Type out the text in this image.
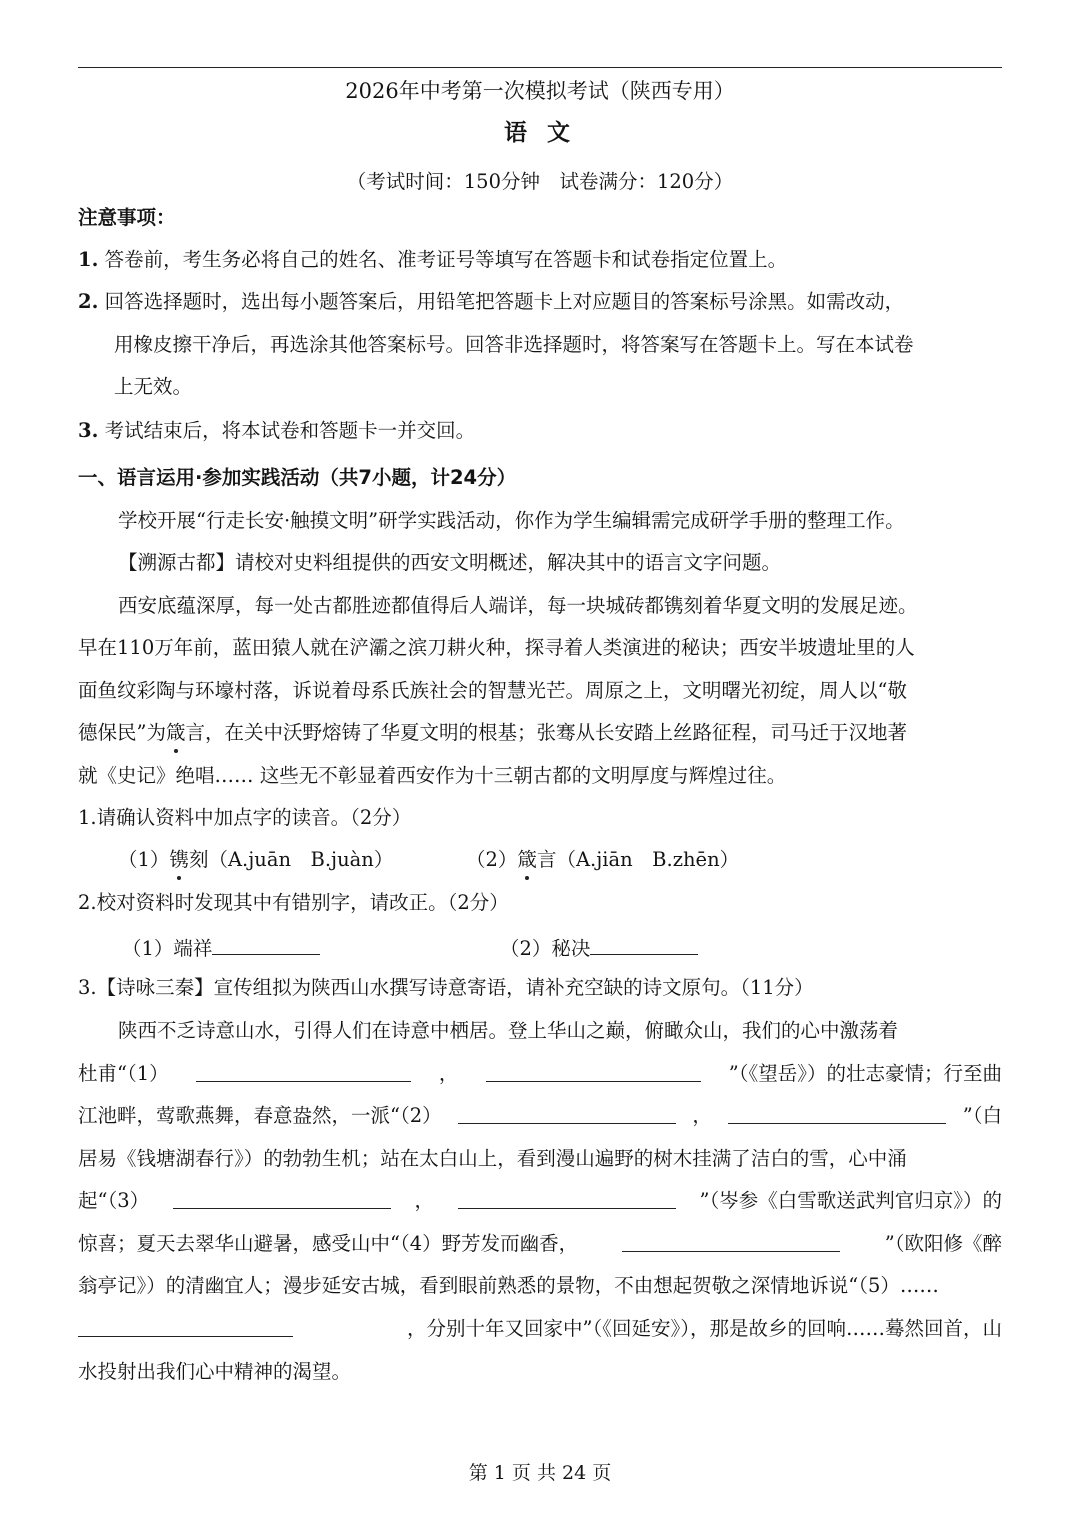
2026年中考第一次模拟考试（陕西专用）
语 文
（考试时间：150分钟　试卷满分：120分）
注意事项：
1. 答卷前，考生务必将自己的姓名、准考证号等填写在答题卡和试卷指定位置上。
2. 回答选择题时，选出每小题答案后，用铅笔把答题卡上对应题目的答案标号涂黑。如需改动，
用橡皮擦干净后，再选涂其他答案标号。回答非选择题时，将答案写在答题卡上。写在本试卷
上无效。
3. 考试结束后，将本试卷和答题卡一并交回。
一、语言运用·参加实践活动（共7小题，计24分）
学校开展“行走长安·触摸文明”研学实践活动，你作为学生编辑需完成研学手册的整理工作。
【溯源古都】请校对史料组提供的西安文明概述，解决其中的语言文字问题。
西安底蕴深厚，每一处古都胜迹都值得后人端详，每一块城砖都镌刻着华夏文明的发展足迹。
早在110万年前，蓝田猿人就在浐灞之滨刀耕火种，探寻着人类演进的秘诀；西安半坡遗址里的人
面鱼纹彩陶与环壕村落，诉说着母系氏族社会的智慧光芒。周原之上，文明曙光初绽，周人以“敬
德保民”为箴言，在关中沃野熔铸了华夏文明的根基；张骞从长安踏上丝路征程，司马迁于汉地著
就《史记》绝唱…… 这些无不彰显着西安作为十三朝古都的文明厚度与辉煌过往。
1.请确认资料中加点字的读音。（2分）
（1）镌刻（A.juān　B.juàn）	（2）箴言（A.jiān　B.zhēn）
2.校对资料时发现其中有错别字，请改正。（2分）
（1）端祥	（2）秘决
3.【诗咏三秦】宣传组拟为陕西山水撰写诗意寄语，请补充空缺的诗文原句。（11分）
陕西不乏诗意山水，引得人们在诗意中栖居。登上华山之巅，俯瞰众山，我们的心中激荡着
杜甫“（1）	，	”（《望岳》）的壮志豪情；行至曲
江池畔，莺歌燕舞，春意盎然，一派“（2）	，	”（白
居易《钱塘湖春行》）的勃勃生机；站在太白山上，看到漫山遍野的树木挂满了洁白的雪，心中涌
起“（3）	，	”（岑参《白雪歌送武判官归京》）的
惊喜；夏天去翠华山避暑，感受山中“（4）野芳发而幽香，	”（欧阳修《醉
翁亭记》）的清幽宜人；漫步延安古城，看到眼前熟悉的景物，不由想起贺敬之深情地诉说“（5）……
，分别十年又回家中”（《回延安》），那是故乡的回响……蓦然回首，山
水投射出我们心中精神的渴望。
第 1 页 共 24 页
